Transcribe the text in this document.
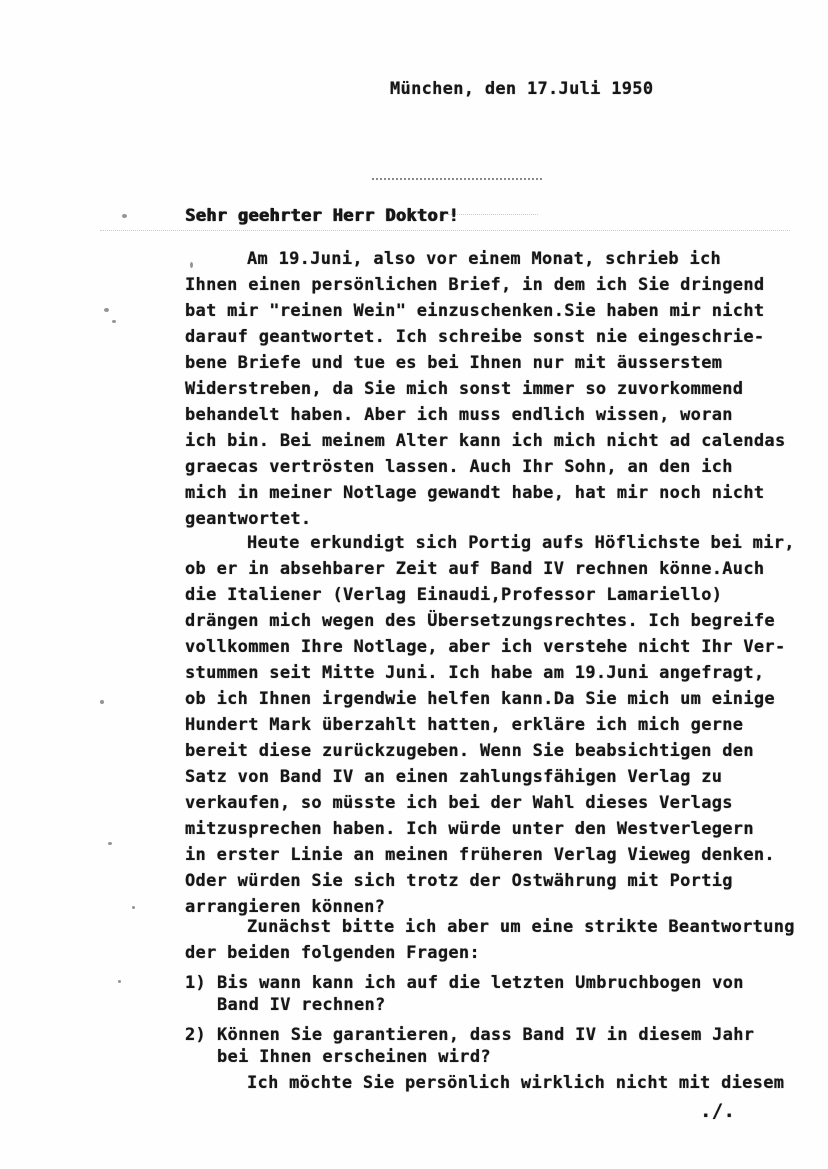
München, den 17.Juli 1950
Sehr geehrter Herr Doktor!
Am 19.Juni, also vor einem Monat, schrieb ich
Ihnen einen persönlichen Brief, in dem ich Sie dringend
bat mir "reinen Wein" einzuschenken.Sie haben mir nicht
darauf geantwortet. Ich schreibe sonst nie eingeschrie-
bene Briefe und tue es bei Ihnen nur mit äusserstem
Widerstreben, da Sie mich sonst immer so zuvorkommend
behandelt haben. Aber ich muss endlich wissen, woran
ich bin. Bei meinem Alter kann ich mich nicht ad calendas
graecas vertrösten lassen. Auch Ihr Sohn, an den ich
mich in meiner Notlage gewandt habe, hat mir noch nicht
geantwortet.
Heute erkundigt sich Portig aufs Höflichste bei mir,
ob er in absehbarer Zeit auf Band IV rechnen könne.Auch
die Italiener (Verlag Einaudi,Professor Lamariello)
drängen mich wegen des Übersetzungsrechtes. Ich begreife
vollkommen Ihre Notlage, aber ich verstehe nicht Ihr Ver-
stummen seit Mitte Juni. Ich habe am 19.Juni angefragt,
ob ich Ihnen irgendwie helfen kann.Da Sie mich um einige
Hundert Mark überzahlt hatten, erkläre ich mich gerne
bereit diese zurückzugeben. Wenn Sie beabsichtigen den
Satz von Band IV an einen zahlungsfähigen Verlag zu
verkaufen, so müsste ich bei der Wahl dieses Verlags
mitzusprechen haben. Ich würde unter den Westverlegern
in erster Linie an meinen früheren Verlag Vieweg denken.
Oder würden Sie sich trotz der Ostwährung mit Portig
arrangieren können?
Zunächst bitte ich aber um eine strikte Beantwortung
der beiden folgenden Fragen:
1) Bis wann kann ich auf die letzten Umbruchbogen von
Band IV rechnen?
2) Können Sie garantieren, dass Band IV in diesem Jahr
bei Ihnen erscheinen wird?
Ich möchte Sie persönlich wirklich nicht mit diesem
./.
